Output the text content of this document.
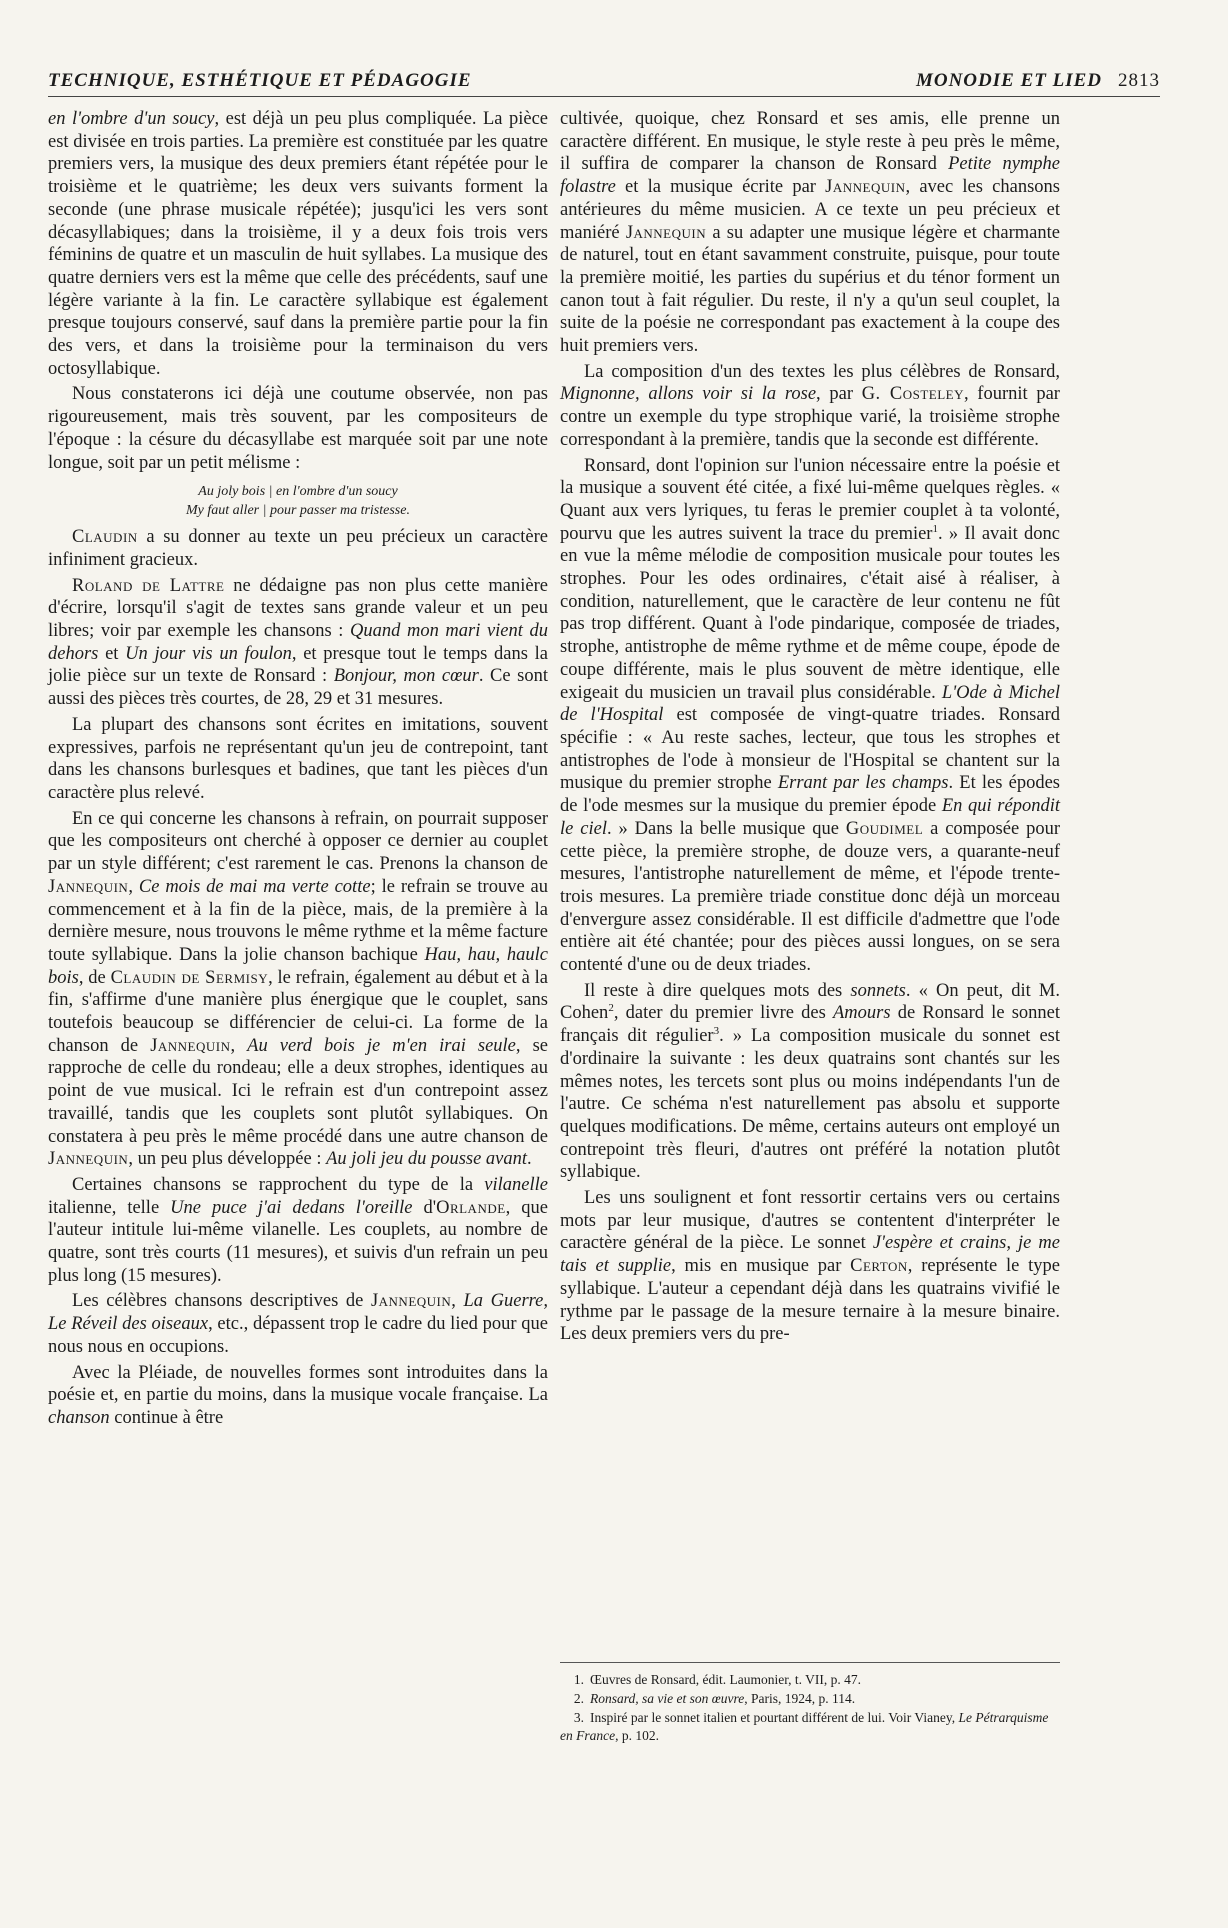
TECHNIQUE, ESTHÉTIQUE ET PÉDAGOGIE	MONODIE ET LIED 2813

en l'ombre d'un soucy, est déjà un peu plus compliquée. La pièce est divisée en trois parties. La première est constituée par les quatre premiers vers, la musique des deux premiers étant répétée pour le troisième et le quatrième; les deux vers suivants forment la seconde (une phrase musicale répétée); jusqu'ici les vers sont décasyllabiques; dans la troisième, il y a deux fois trois vers féminins de quatre et un masculin de huit syllabes. La musique des quatre derniers vers est la même que celle des précédents, sauf une légère variante à la fin. Le caractère syllabique est également presque toujours conservé, sauf dans la première partie pour la fin des vers, et dans la troisième pour la terminaison du vers octosyllabique.

Nous constaterons ici déjà une coutume observée, non pas rigoureusement, mais très souvent, par les compositeurs de l'époque : la césure du décasyllabe est marquée soit par une note longue, soit par un petit mélisme :

Au joly bois | en l'ombre d'un soucy
My faut aller | pour passer ma tristesse.

Claudin a su donner au texte un peu précieux un caractère infiniment gracieux.

Roland de Lattre ne dédaigne pas non plus cette manière d'écrire, lorsqu'il s'agit de textes sans grande valeur et un peu libres; voir par exemple les chansons : Quand mon mari vient du dehors et Un jour vis un foulon, et presque tout le temps dans la jolie pièce sur un texte de Ronsard : Bonjour, mon cœur. Ce sont aussi des pièces très courtes, de 28, 29 et 31 mesures.

La plupart des chansons sont écrites en imitations, souvent expressives, parfois ne représentant qu'un jeu de contrepoint, tant dans les chansons burlesques et badines, que tant les pièces d'un caractère plus relevé.

En ce qui concerne les chansons à refrain, on pourrait supposer que les compositeurs ont cherché à opposer ce dernier au couplet par un style différent; c'est rarement le cas. Prenons la chanson de Jannequin, Ce mois de mai ma verte cotte; le refrain se trouve au commencement et à la fin de la pièce, mais, de la première à la dernière mesure, nous trouvons le même rythme et la même facture toute syllabique. Dans la jolie chanson bachique Hau, hau, haulc bois, de Claudin de Sermisy, le refrain, également au début et à la fin, s'affirme d'une manière plus énergique que le couplet, sans toutefois beaucoup se différencier de celui-ci. La forme de la chanson de Jannequin, Au verd bois je m'en irai seule, se rapproche de celle du rondeau; elle a deux strophes, identiques au point de vue musical. Ici le refrain est d'un contrepoint assez travaillé, tandis que les couplets sont plutôt syllabiques. On constatera à peu près le même procédé dans une autre chanson de Jannequin, un peu plus développée : Au joli jeu du pousse avant.

Certaines chansons se rapprochent du type de la vilanelle italienne, telle Une puce j'ai dedans l'oreille d'Orlande, que l'auteur intitule lui-même vilanelle. Les couplets, au nombre de quatre, sont très courts (11 mesures), et suivis d'un refrain un peu plus long (15 mesures).

Les célèbres chansons descriptives de Jannequin, La Guerre, Le Réveil des oiseaux, etc., dépassent trop le cadre du lied pour que nous nous en occupions.

Avec la Pléiade, de nouvelles formes sont introduites dans la poésie et, en partie du moins, dans la musique vocale française. La chanson continue à être

cultivée, quoique, chez Ronsard et ses amis, elle prenne un caractère différent. En musique, le style reste à peu près le même, il suffira de comparer la chanson de Ronsard Petite nymphe folastre et la musique écrite par Jannequin, avec les chansons antérieures du même musicien. A ce texte un peu précieux et maniéré Jannequin a su adapter une musique légère et charmante de naturel, tout en étant savamment construite, puisque, pour toute la première moitié, les parties du supérius et du ténor forment un canon tout à fait régulier. Du reste, il n'y a qu'un seul couplet, la suite de la poésie ne correspondant pas exactement à la coupe des huit premiers vers.

La composition d'un des textes les plus célèbres de Ronsard, Mignonne, allons voir si la rose, par G. Costeley, fournit par contre un exemple du type strophique varié, la troisième strophe correspondant à la première, tandis que la seconde est différente.

Ronsard, dont l'opinion sur l'union nécessaire entre la poésie et la musique a souvent été citée, a fixé lui-même quelques règles. « Quant aux vers lyriques, tu feras le premier couplet à ta volonté, pourvu que les autres suivent la trace du premier$^1$. » Il avait donc en vue la même mélodie de composition musicale pour toutes les strophes. Pour les odes ordinaires, c'était aisé à réaliser, à condition, naturellement, que le caractère de leur contenu ne fût pas trop différent. Quant à l'ode pindarique, composée de triades, strophe, antistrophe de même rythme et de même coupe, épode de coupe différente, mais le plus souvent de mètre identique, elle exigeait du musicien un travail plus considérable. L'Ode à Michel de l'Hospital est composée de vingt-quatre triades. Ronsard spécifie : « Au reste saches, lecteur, que tous les strophes et antistrophes de l'ode à monsieur de l'Hospital se chantent sur la musique du premier strophe Errant par les champs. Et les épodes de l'ode mesmes sur la musique du premier épode En qui répondit le ciel. » Dans la belle musique que Goudimel a composée pour cette pièce, la première strophe, de douze vers, a quarante-neuf mesures, l'antistrophe naturellement de même, et l'épode trente-trois mesures. La première triade constitue donc déjà un morceau d'envergure assez considérable. Il est difficile d'admettre que l'ode entière ait été chantée; pour des pièces aussi longues, on se sera contenté d'une ou de deux triades.

Il reste à dire quelques mots des sonnets. « On peut, dit M. Cohen$^2$, dater du premier livre des Amours de Ronsard le sonnet français dit régulier$^3$. » La composition musicale du sonnet est d'ordinaire la suivante : les deux quatrains sont chantés sur les mêmes notes, les tercets sont plus ou moins indépendants l'un de l'autre. Ce schéma n'est naturellement pas absolu et supporte quelques modifications. De même, certains auteurs ont employé un contrepoint très fleuri, d'autres ont préféré la notation plutôt syllabique.

Les uns soulignent et font ressortir certains vers ou certains mots par leur musique, d'autres se contentent d'interpréter le caractère général de la pièce. Le sonnet J'espère et crains, je me tais et supplie, mis en musique par Certon, représente le type syllabique. L'auteur a cependant déjà dans les quatrains vivifié le rythme par le passage de la mesure ternaire à la mesure binaire. Les deux premiers vers du pre-

1. Œuvres de Ronsard, édit. Laumonier, t. VII, p. 47.
2. Ronsard, sa vie et son œuvre, Paris, 1924, p. 114.
3. Inspiré par le sonnet italien et pourtant différent de lui. Voir Vianey, Le Pétrarquisme en France, p. 102.
